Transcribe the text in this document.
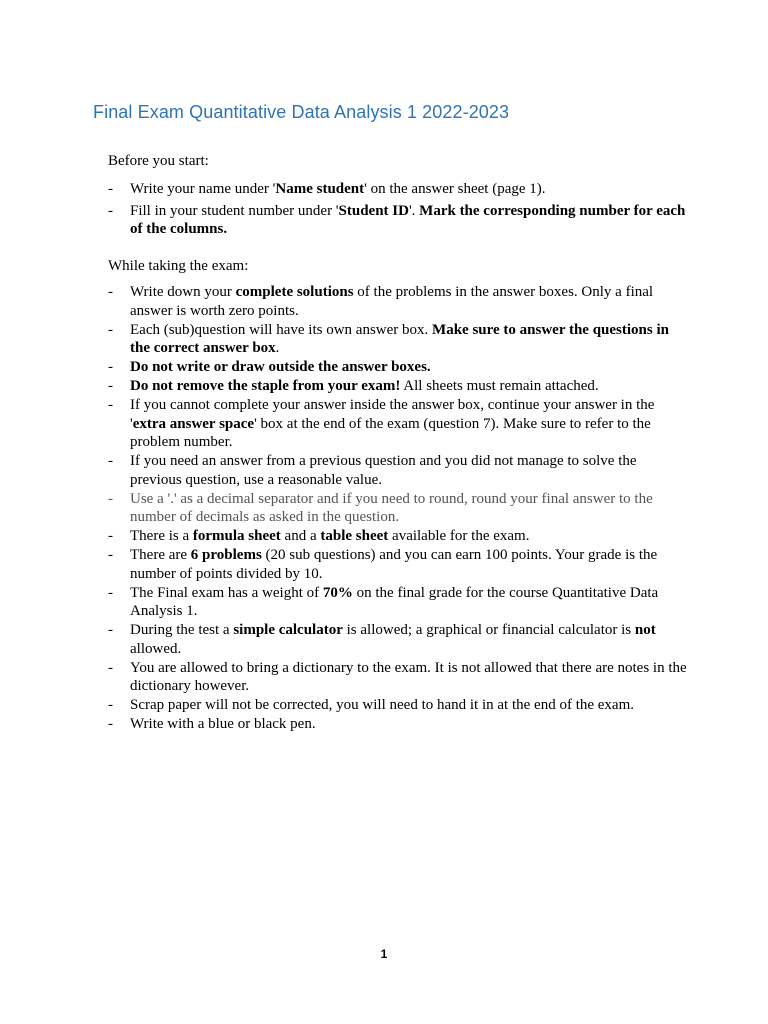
Final Exam Quantitative Data Analysis 1 2022-2023
Before you start:
- Write your name under 'Name student' on the answer sheet (page 1).
- Fill in your student number under 'Student ID'. Mark the corresponding number for each of the columns.
While taking the exam:
- Write down your complete solutions of the problems in the answer boxes. Only a final answer is worth zero points.
- Each (sub)question will have its own answer box. Make sure to answer the questions in the correct answer box.
- Do not write or draw outside the answer boxes.
- Do not remove the staple from your exam! All sheets must remain attached.
- If you cannot complete your answer inside the answer box, continue your answer in the 'extra answer space' box at the end of the exam (question 7). Make sure to refer to the problem number.
- If you need an answer from a previous question and you did not manage to solve the previous question, use a reasonable value.
- Use a '.' as a decimal separator and if you need to round, round your final answer to the number of decimals as asked in the question.
- There is a formula sheet and a table sheet available for the exam.
- There are 6 problems (20 sub questions) and you can earn 100 points. Your grade is the number of points divided by 10.
- The Final exam has a weight of 70% on the final grade for the course Quantitative Data Analysis 1.
- During the test a simple calculator is allowed; a graphical or financial calculator is not allowed.
- You are allowed to bring a dictionary to the exam. It is not allowed that there are notes in the dictionary however.
- Scrap paper will not be corrected, you will need to hand it in at the end of the exam.
- Write with a blue or black pen.
1
